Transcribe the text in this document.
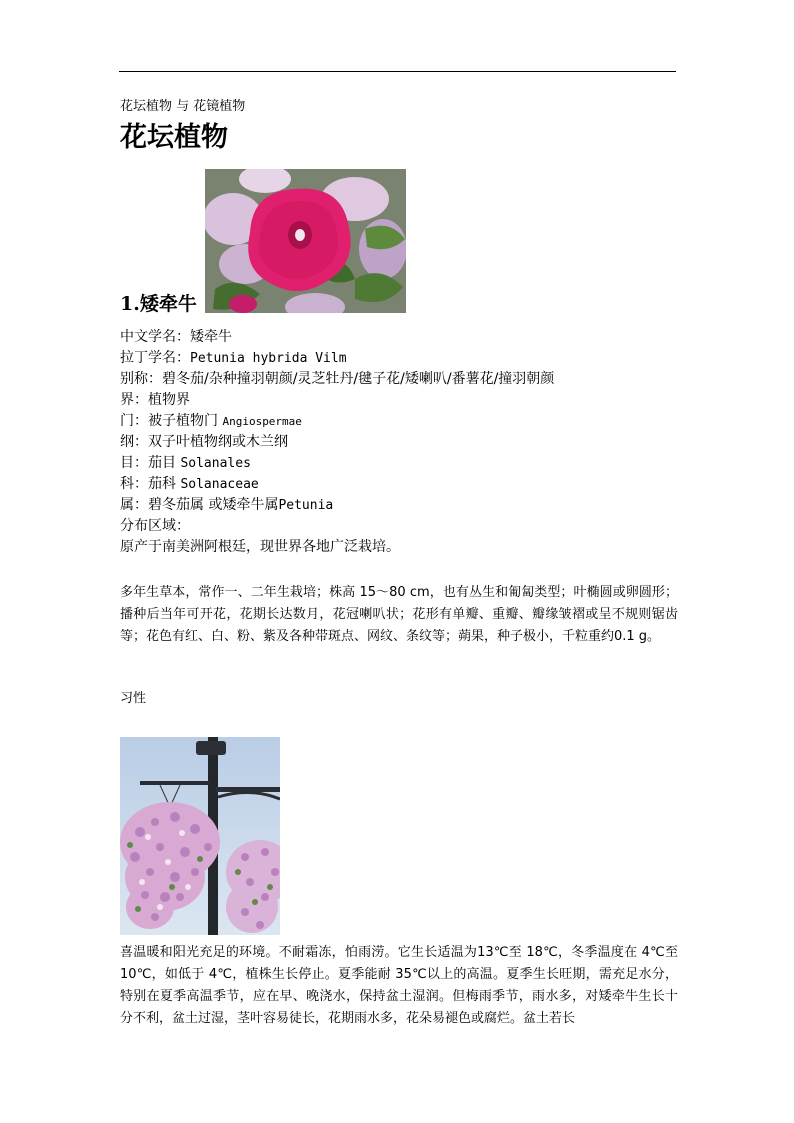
花坛植物 与 花镜植物
花坛植物
1.矮牵牛
中文学名：矮牵牛
拉丁学名：Petunia hybrida Vilm
别称：碧冬茄/杂种撞羽朝颜/灵芝牡丹/毽子花/矮喇叭/番薯花/撞羽朝颜
界：植物界
门：被子植物门 Angiospermae
纲：双子叶植物纲或木兰纲
目：茄目 Solanales
科：茄科 Solanaceae
属：碧冬茄属 或矮牵牛属Petunia
分布区域：
原产于南美洲阿根廷，现世界各地广泛栽培。
多年生草本，常作一、二年生栽培；株高 15～80 cm，也有丛生和匍匐类型；叶椭圆或卵圆形；播种后当年可开花，花期长达数月，花冠喇叭状；花形有单瓣、重瓣、瓣缘皱褶或呈不规则锯齿等；花色有红、白、粉、紫及各种带斑点、网纹、条纹等；蒴果，种子极小，千粒重约0.1 g。
习性
喜温暖和阳光充足的环境。不耐霜冻，怕雨涝。它生长适温为13℃至 18℃，冬季温度在 4℃至 10℃，如低于 4℃，植株生长停止。夏季能耐 35℃以上的高温。夏季生长旺期，需充足水分，特别在夏季高温季节，应在早、晚浇水，保持盆土湿润。但梅雨季节，雨水多，对矮牵牛生长十分不利，盆土过湿，茎叶容易徒长，花期雨水多，花朵易褪色或腐烂。盆土若长
